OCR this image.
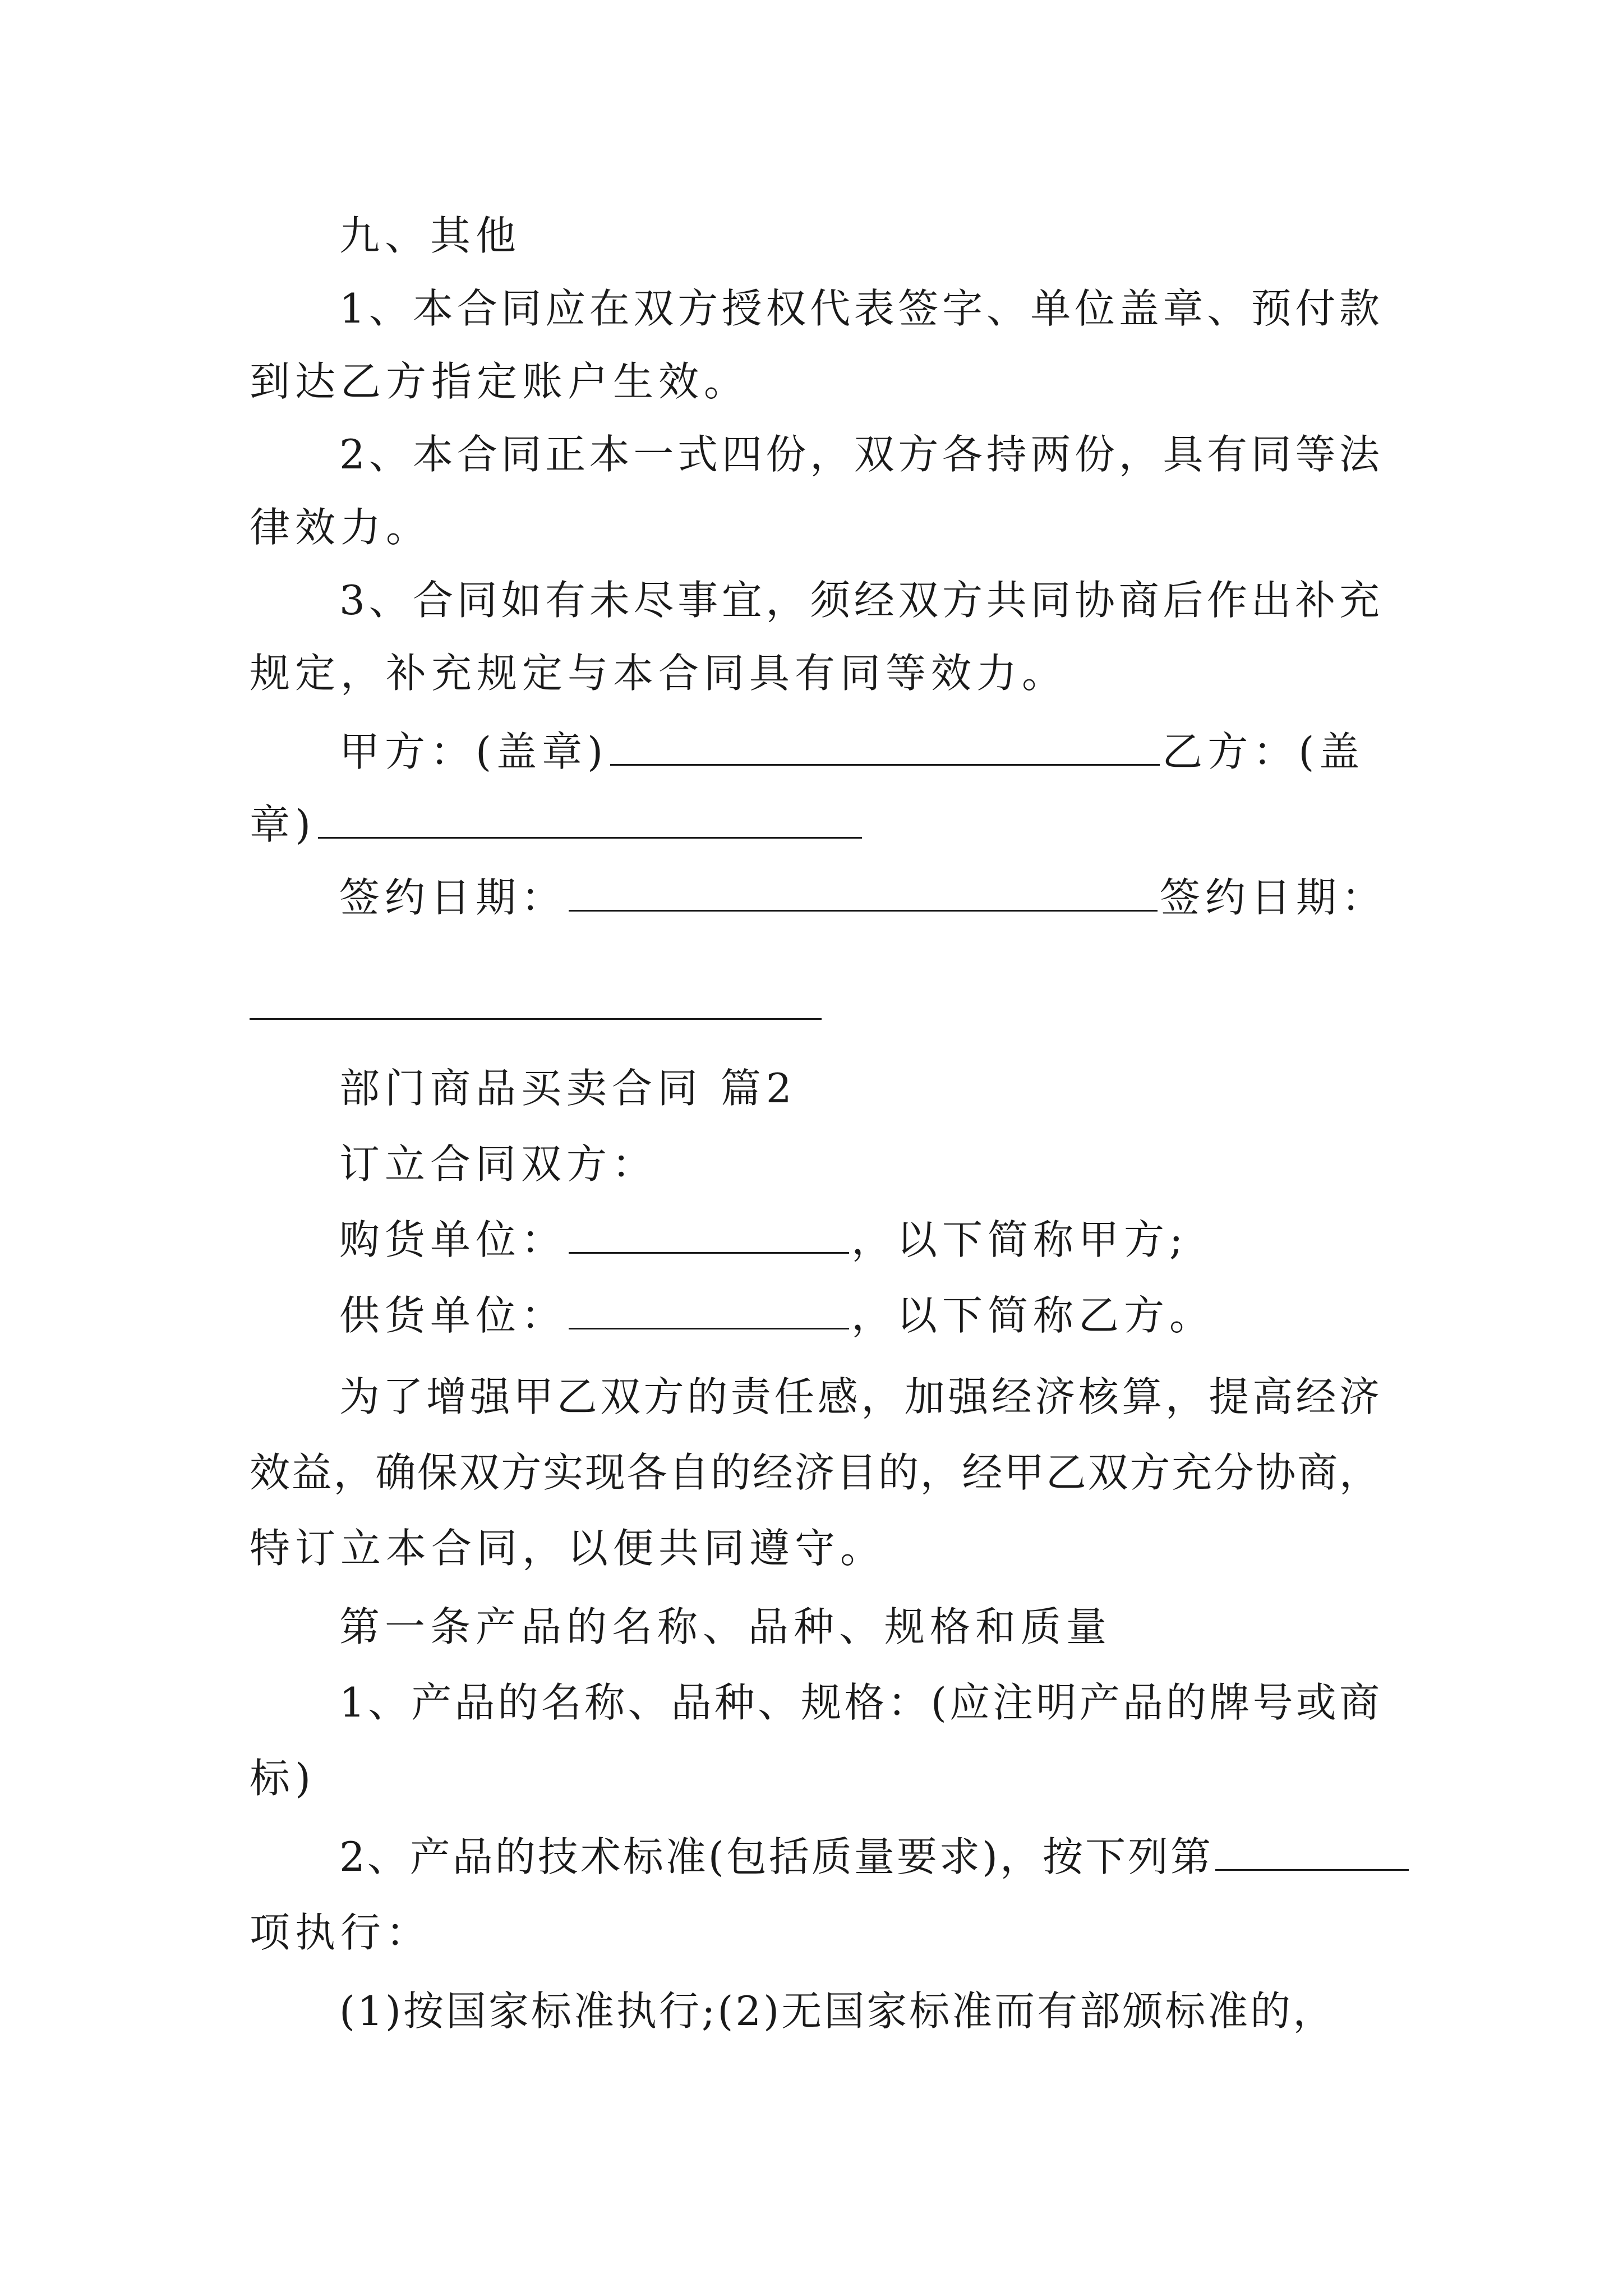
九、其他
1、本合同应在双方授权代表签字、单位盖章、预付款
到达乙方指定账户生效。
2、本合同正本一式四份，双方各持两份，具有同等法
律效力。
3、合同如有未尽事宜，须经双方共同协商后作出补充
规定，补充规定与本合同具有同等效力。
甲方：(盖章)	乙方：(盖
章)
签约日期：	签约日期：
部门商品买卖合同 篇2
订立合同双方：
购货单位：	，以下简称甲方;
供货单位：	，以下简称乙方。
为了增强甲乙双方的责任感，加强经济核算，提高经济
效益，确保双方实现各自的经济目的，经甲乙双方充分协商，
特订立本合同，以便共同遵守。
第一条产品的名称、品种、规格和质量
1、产品的名称、品种、规格：(应注明产品的牌号或商
标)
2、产品的技术标准(包括质量要求)，按下列第
项执行：
(1)按国家标准执行;(2)无国家标准而有部颁标准的，
